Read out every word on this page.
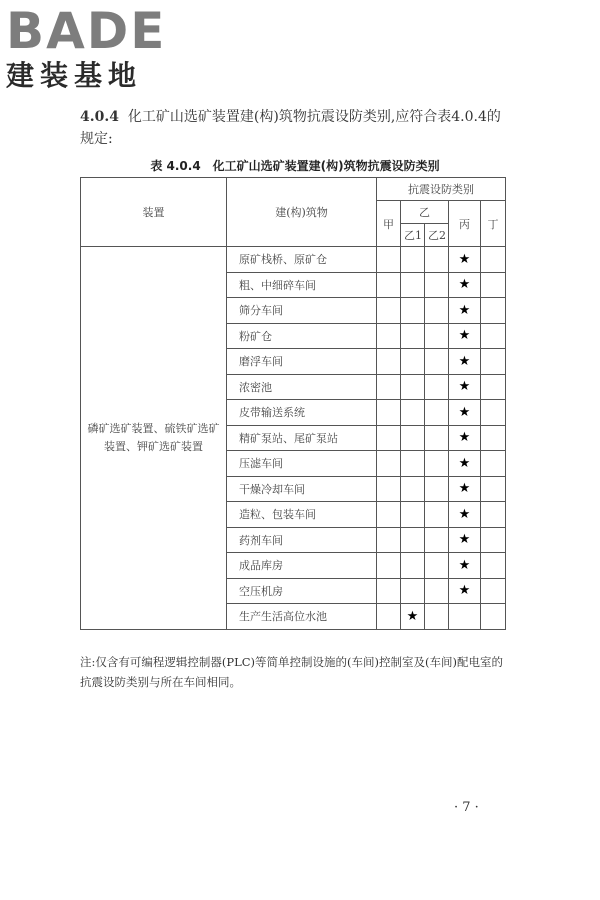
BADE
建装基地
4.0.4 化工矿山选矿装置建(构)筑物抗震设防类别,应符合表4.0.4的规定:
表 4.0.4　化工矿山选矿装置建(构)筑物抗震设防类别
装置	建(构)筑物	抗震设防类别				
		甲	乙		丙	丁
			乙1	乙2		
磷矿选矿装置、硫铁矿选矿装置、钾矿选矿装置	原矿栈桥、原矿仓				★	
	粗、中细碎车间				★	
	筛分车间				★	
	粉矿仓				★	
	磨浮车间				★	
	浓密池				★	
	皮带输送系统				★	
	精矿泵站、尾矿泵站				★	
	压滤车间				★	
	干燥冷却车间				★	
	造粒、包装车间				★	
	药剂车间				★	
	成品库房				★	
	空压机房				★	
	生产生活高位水池		★			
注:仅含有可编程逻辑控制器(PLC)等简单控制设施的(车间)控制室及(车间)配电室的抗震设防类别与所在车间相同。
· 7 ·
